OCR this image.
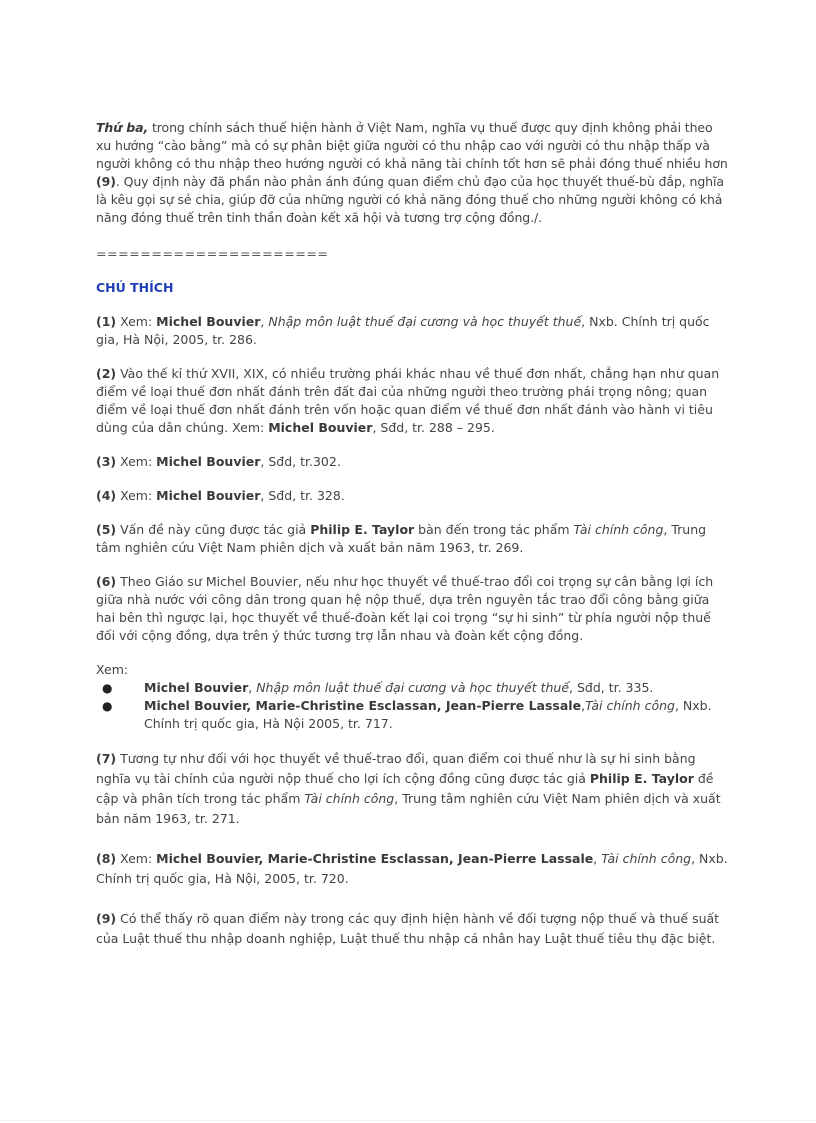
Thứ ba, trong chính sách thuế hiện hành ở Việt Nam, nghĩa vụ thuế được quy định không phải theo xu hướng “cào bằng” mà có sự phân biệt giữa người có thu nhập cao với người có thu nhập thấp và người không có thu nhập theo hướng người có khả năng tài chính tốt hơn sẽ phải đóng thuế nhiều hơn (9). Quy định này đã phần nào phản ánh đúng quan điểm chủ đạo của học thuyết thuế-bù đắp, nghĩa là kêu gọi sự sẻ chia, giúp đỡ của những người có khả năng đóng thuế cho những người không có khả năng đóng thuế trên tinh thần đoàn kết xã hội và tương trợ cộng đồng./.

=====================

CHÚ THÍCH

(1) Xem: Michel Bouvier, Nhập môn luật thuế đại cương và học thuyết thuế, Nxb. Chính trị quốc gia, Hà Nội, 2005, tr. 286.

(2) Vào thế kỉ thứ XVII, XIX, có nhiều trường phái khác nhau về thuế đơn nhất, chẳng hạn như quan điểm về loại thuế đơn nhất đánh trên đất đai của những người theo trường phái trọng nông; quan điểm về loại thuế đơn nhất đánh trên vốn hoặc quan điểm về thuế đơn nhất đánh vào hành vi tiêu dùng của dân chúng. Xem: Michel Bouvier, Sđd, tr. 288 – 295.

(3) Xem: Michel Bouvier, Sđd, tr.302.

(4) Xem: Michel Bouvier, Sđd, tr. 328.

(5) Vấn đề này cũng được tác giả Philip E. Taylor bàn đến trong tác phẩm Tài chính công, Trung tâm nghiên cứu Việt Nam phiên dịch và xuất bản năm 1963, tr. 269.

(6) Theo Giáo sư Michel Bouvier, nếu như học thuyết về thuế-trao đổi coi trọng sự cân bằng lợi ích giữa nhà nước với công dân trong quan hệ nộp thuế, dựa trên nguyên tắc trao đổi công bằng giữa hai bên thì ngược lại, học thuyết về thuế-đoàn kết lại coi trọng “sự hi sinh” từ phía người nộp thuế đối với cộng đồng, dựa trên ý thức tương trợ lẫn nhau và đoàn kết cộng đồng.

Xem:

●	Michel Bouvier, Nhập môn luật thuế đại cương và học thuyết thuế, Sđd, tr. 335.
●	Michel Bouvier, Marie-Christine Esclassan, Jean-Pierre Lassale,Tài chính công, Nxb. Chính trị quốc gia, Hà Nội 2005, tr. 717.

(7) Tương tự như đối với học thuyết về thuế-trao đổi, quan điểm coi thuế như là sự hi sinh bằng nghĩa vụ tài chính của người nộp thuế cho lợi ích cộng đồng cũng được tác giả Philip E. Taylor đề cập và phân tích trong tác phẩm Tài chính công, Trung tâm nghiên cứu Việt Nam phiên dịch và xuất bản năm 1963, tr. 271.

(8) Xem: Michel Bouvier, Marie-Christine Esclassan, Jean-Pierre Lassale, Tài chính công, Nxb. Chính trị quốc gia, Hà Nội, 2005, tr. 720.

(9) Có thể thấy rõ quan điểm này trong các quy định hiện hành về đối tượng nộp thuế và thuế suất của Luật thuế thu nhập doanh nghiệp, Luật thuế thu nhập cá nhân hay Luật thuế tiêu thụ đặc biệt.
